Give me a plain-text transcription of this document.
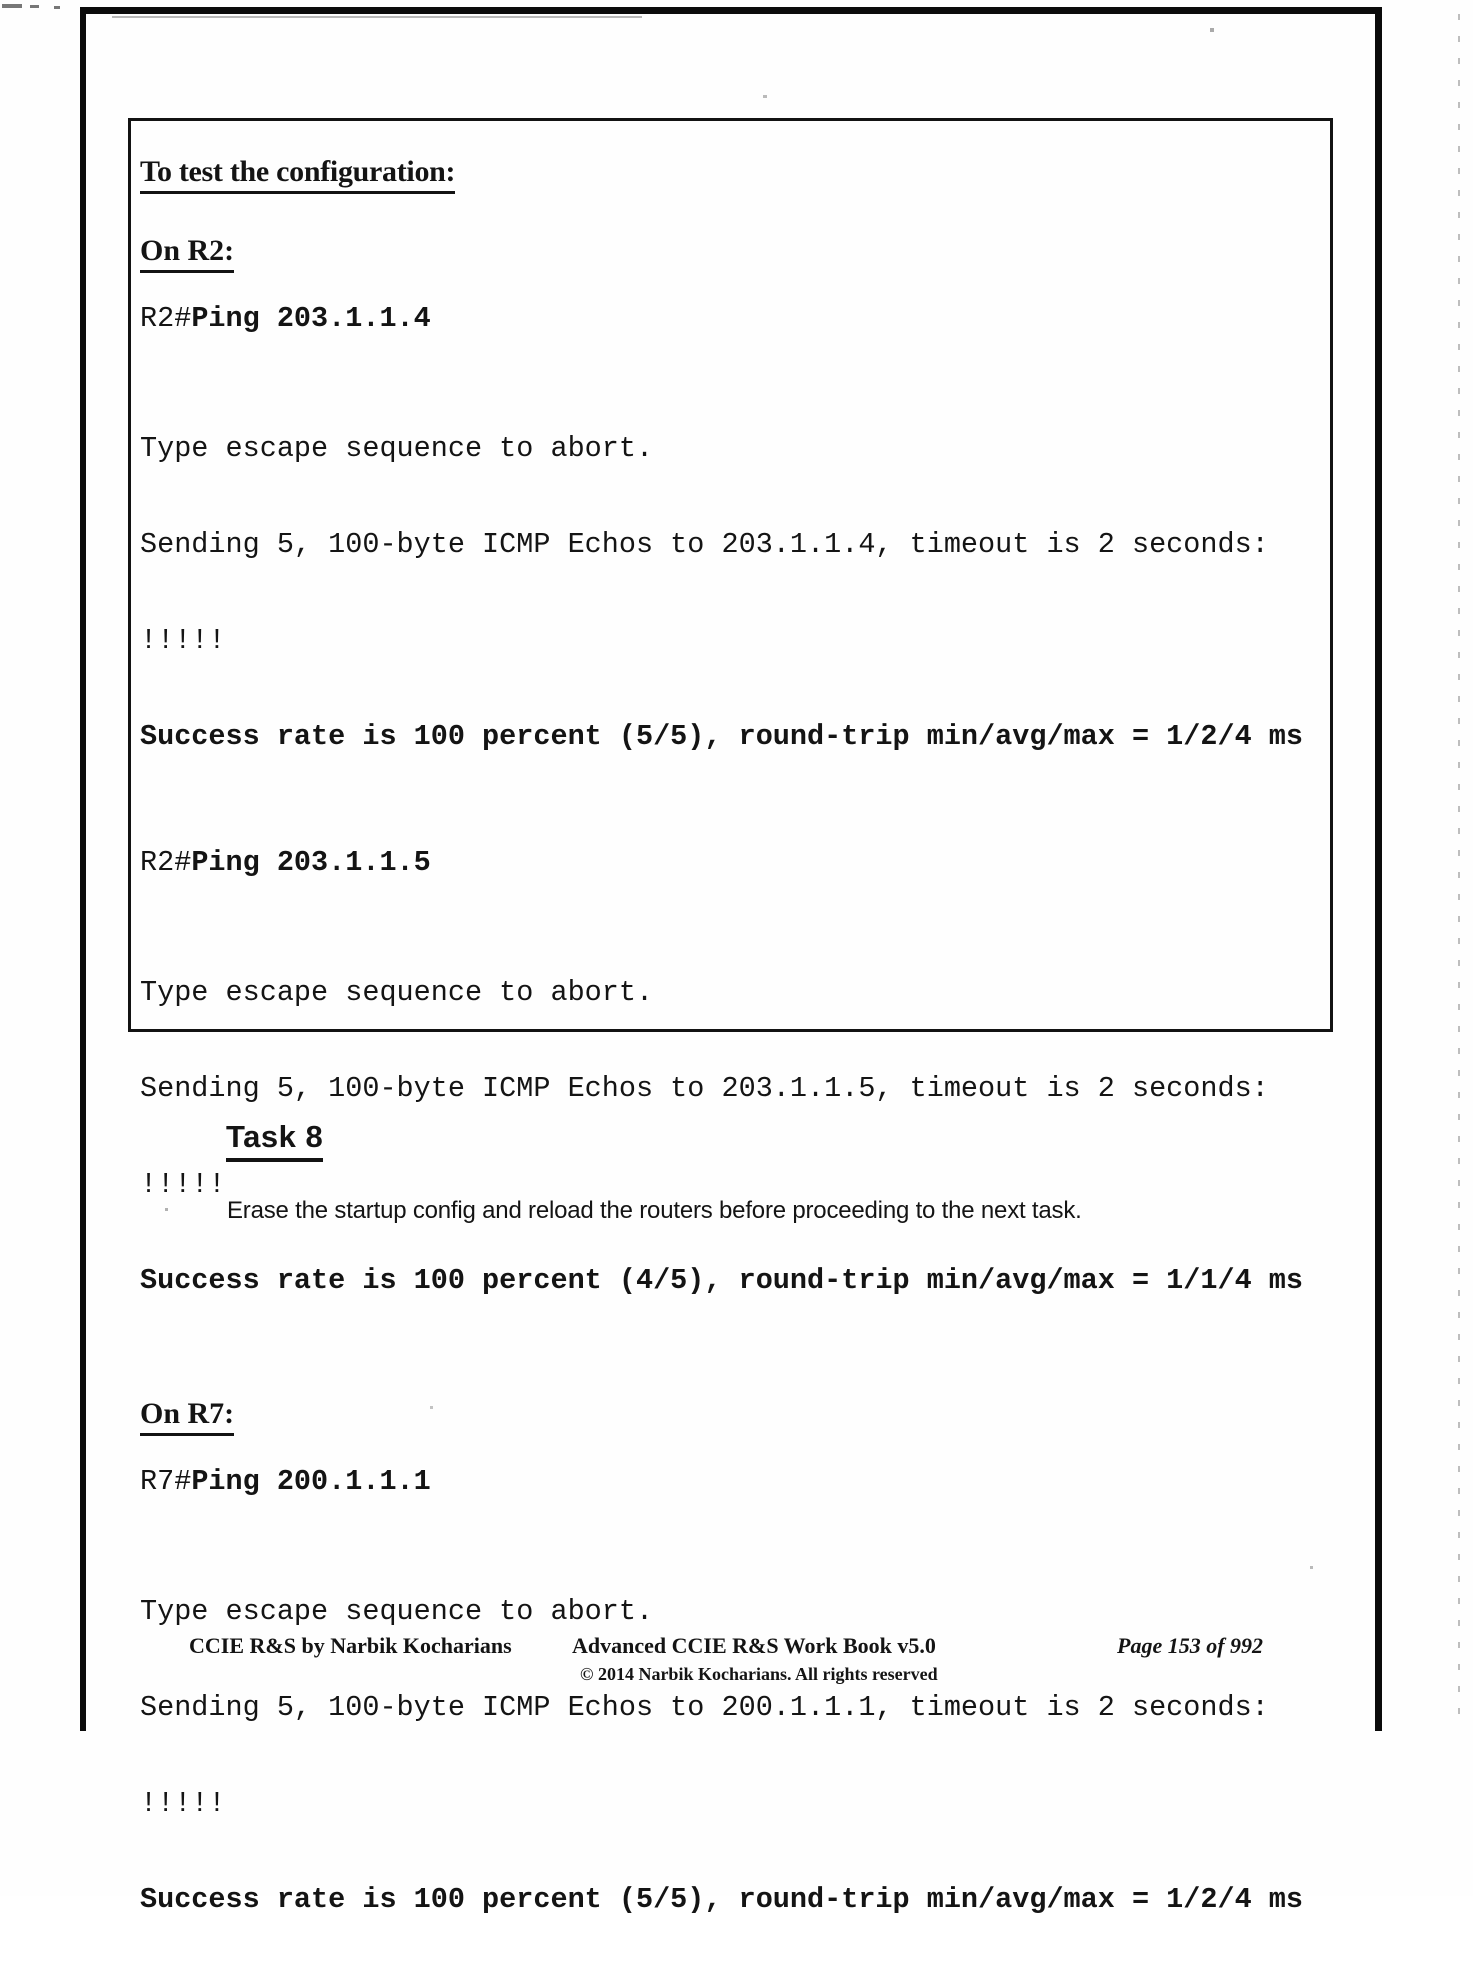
To test the configuration:
On R2:
R2#Ping 203.1.1.4

Type escape sequence to abort.

Sending 5, 100-byte ICMP Echos to 203.1.1.4, timeout is 2 seconds:

!!!!!

Success rate is 100 percent (5/5), round-trip min/avg/max = 1/2/4 ms

R2#Ping 203.1.1.5

Type escape sequence to abort.

Sending 5, 100-byte ICMP Echos to 203.1.1.5, timeout is 2 seconds:

!!!!!

Success rate is 100 percent (4/5), round-trip min/avg/max = 1/1/4 ms

On R7:
R7#Ping 200.1.1.1

Type escape sequence to abort.

Sending 5, 100-byte ICMP Echos to 200.1.1.1, timeout is 2 seconds:

!!!!!

Success rate is 100 percent (5/5), round-trip min/avg/max = 1/2/4 ms

Task 8

Erase the startup config and reload the routers before proceeding to the next task.

CCIE R&S by Narbik Kocharians	Advanced CCIE R&S Work Book v5.0	Page 153 of 992
© 2014 Narbik Kocharians. All rights reserved
